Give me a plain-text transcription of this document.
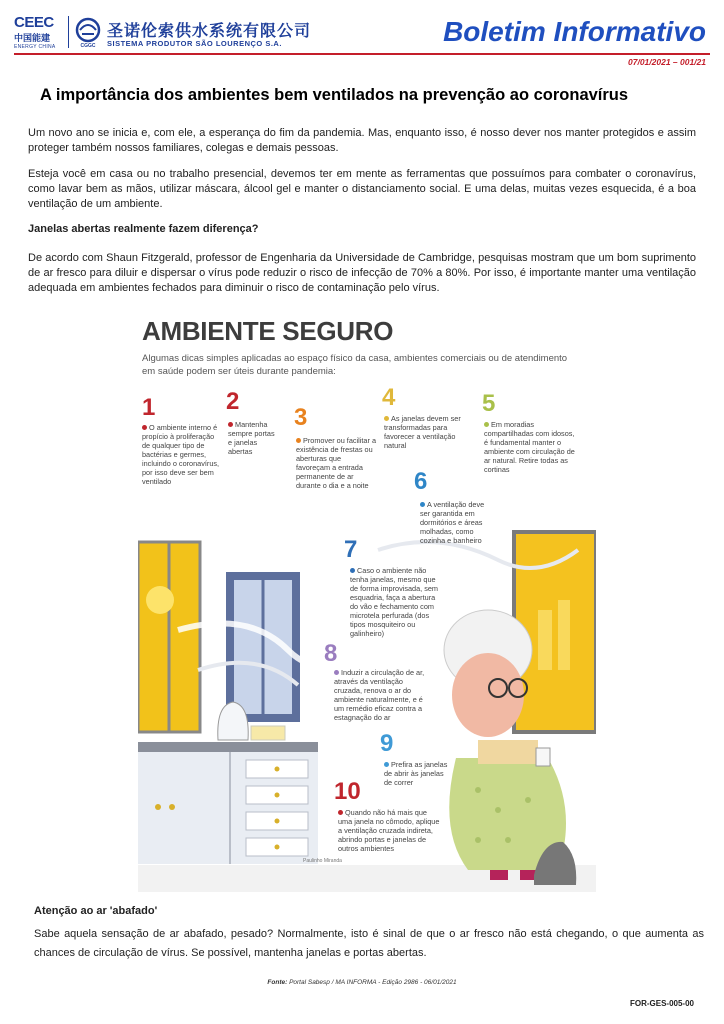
CEEC
中国能建
ENERGY CHINA	CGGC
圣诺伦索供水系统有限公司
SISTEMA PRODUTOR SÃO LOURENÇO S.A.	Boletim Informativo
07/01/2021 – 001/21
A importância dos ambientes bem ventilados na prevenção ao coronavírus

Um novo ano se inicia e, com ele, a esperança do fim da pandemia. Mas, enquanto isso, é nosso dever nos manter protegidos e assim proteger também nossos familiares, colegas e demais pessoas.

Esteja você em casa ou no trabalho presencial, devemos ter em mente as ferramentas que possuímos para combater o coronavírus, como lavar bem as mãos, utilizar máscara, álcool gel e manter o distanciamento social. E uma delas, muitas vezes esquecida, é a boa ventilação de um ambiente.

Janelas abertas realmente fazem diferença?

De acordo com Shaun Fitzgerald, professor de Engenharia da Universidade de Cambridge, pesquisas mostram que um bom suprimento de ar fresco para diluir e dispersar o vírus pode reduzir o risco de infecção de 70% a 80%. Por isso, é importante manter uma ventilação adequada em ambientes fechados para diminuir o risco de contaminação pelo vírus.

AMBIENTE SEGURO
Algumas dicas simples aplicadas ao espaço físico da casa, ambientes comerciais ou de atendimento em saúde podem ser úteis durante pandemia:
1
O ambiente interno é propício à proliferação de qualquer tipo de bactérias e germes, incluindo o coronavírus, por isso deve ser bem ventilado
2
Mantenha sempre portas e janelas abertas
3
Promover ou facilitar a existência de frestas ou aberturas que favoreçam a entrada permanente de ar durante o dia e a noite
4
As janelas devem ser transformadas para favorecer a ventilação natural
5
Em moradias compartilhadas com idosos, é fundamental manter o ambiente com circulação de ar natural. Retire todas as cortinas
6
A ventilação deve ser garantida em dormitórios e áreas molhadas, como cozinha e banheiro
7
Caso o ambiente não tenha janelas, mesmo que de forma improvisada, sem esquadria, faça a abertura do vão e fechamento com microtela perfurada (dos tipos mosquiteiro ou galinheiro)
8
Induzir a circulação de ar, através da ventilação cruzada, renova o ar do ambiente naturalmente, e é um remédio eficaz contra a estagnação do ar
9
Prefira as janelas de abrir às janelas de correr
10
Quando não há mais que uma janela no cômodo, aplique a ventilação cruzada indireta, abrindo portas e janelas de outros ambientes
Paulinho Miranda
Atenção ao ar 'abafado'

Sabe aquela sensação de ar abafado, pesado? Normalmente, isto é sinal de que o ar fresco não está chegando, o que aumenta as chances de circulação de vírus. Se possível, mantenha janelas e portas abertas.

Fonte: Portal Sabesp / MA INFORMA - Edição 2986 - 06/01/2021
FOR-GES-005-00
